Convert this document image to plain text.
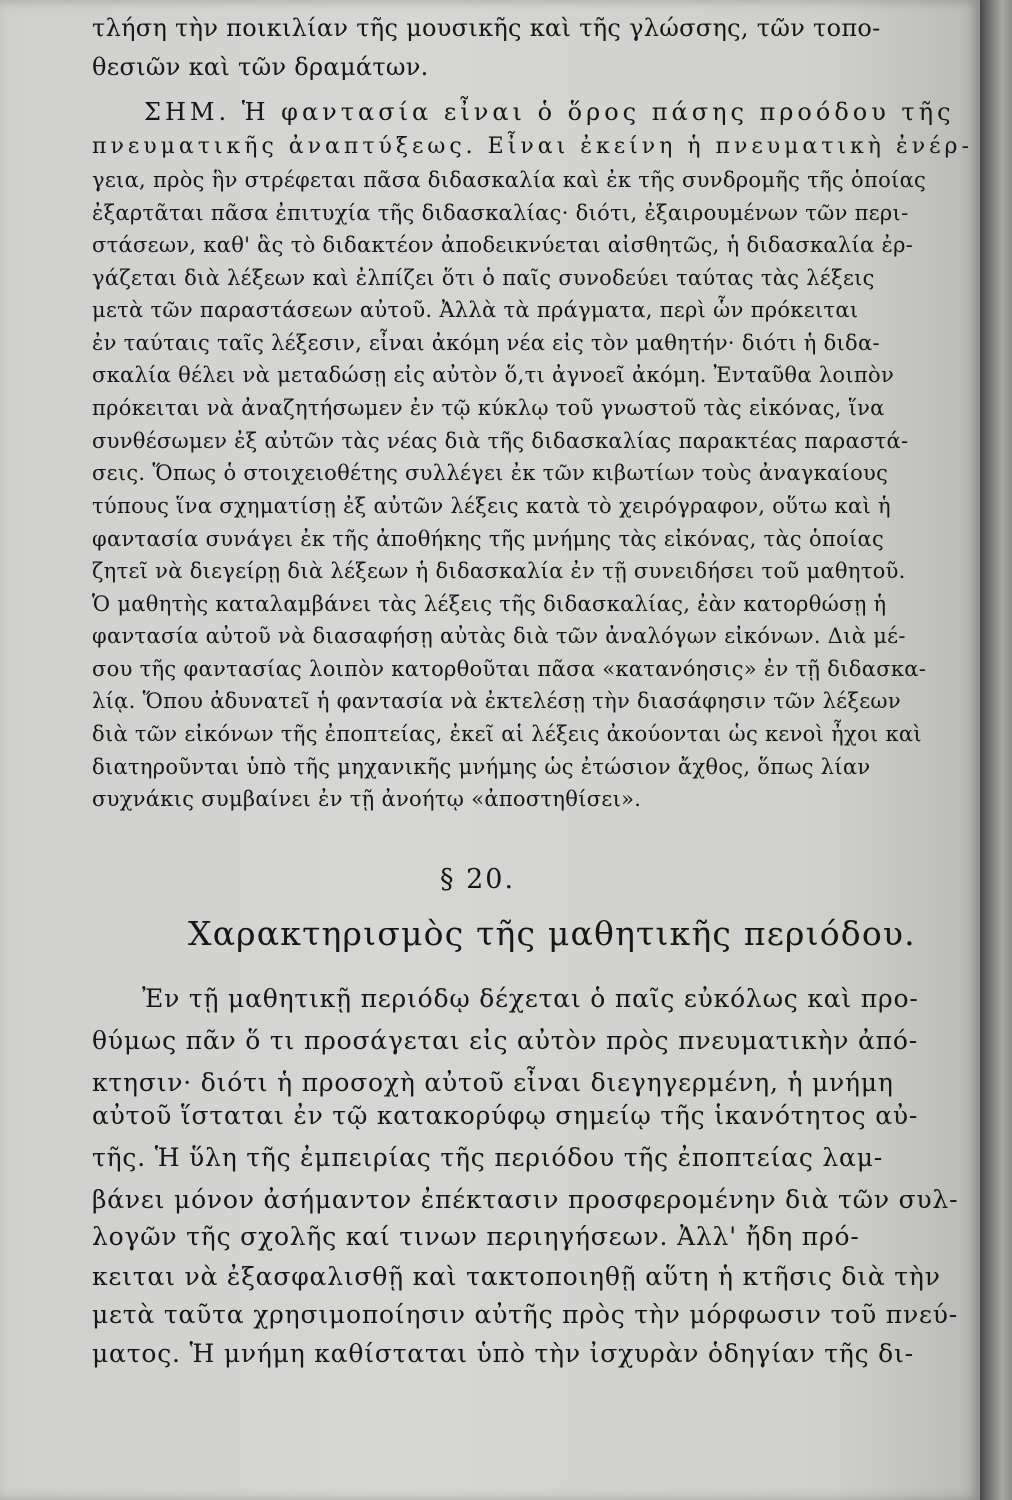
τλήση τὴν ποικιλίαν τῆς μουσικῆς καὶ τῆς γλώσσης, τῶν τοπο-
θεσιῶν καὶ τῶν δραμάτων.
ΣΗΜ. Ἡ φαντασία εἶναι ὁ ὅρος πάσης προόδου τῆς
πνευματικῆς ἀναπτύξεως. Εἶναι ἐκείνη ἡ πνευματικὴ ἐνέρ-
γεια, πρὸς ἣν στρέφεται πᾶσα διδασκαλία καὶ ἐκ τῆς συνδρομῆς τῆς ὁποίας
ἐξαρτᾶται πᾶσα ἐπιτυχία τῆς διδασκαλίας· διότι, ἐξαιρουμένων τῶν περι-
στάσεων, καθ' ἃς τὸ διδακτέον ἀποδεικνύεται αἰσθητῶς, ἡ διδασκαλία ἐρ-
γάζεται διὰ λέξεων καὶ ἐλπίζει ὅτι ὁ παῖς συνοδεύει ταύτας τὰς λέξεις
μετὰ τῶν παραστάσεων αὐτοῦ. Ἀλλὰ τὰ πράγματα, περὶ ὧν πρόκειται
ἐν ταύταις ταῖς λέξεσιν, εἶναι ἀκόμη νέα εἰς τὸν μαθητήν· διότι ἡ διδα-
σκαλία θέλει νὰ μεταδώσῃ εἰς αὐτὸν ὅ,τι ἀγνοεῖ ἀκόμη. Ἐνταῦθα λοιπὸν
πρόκειται νὰ ἀναζητήσωμεν ἐν τῷ κύκλῳ τοῦ γνωστοῦ τὰς εἰκόνας, ἵνα
συνθέσωμεν ἐξ αὐτῶν τὰς νέας διὰ τῆς διδασκαλίας παρακτέας παραστά-
σεις. Ὅπως ὁ στοιχειοθέτης συλλέγει ἐκ τῶν κιβωτίων τοὺς ἀναγκαίους
τύπους ἵνα σχηματίσῃ ἐξ αὐτῶν λέξεις κατὰ τὸ χειρόγραφον, οὕτω καὶ ἡ
φαντασία συνάγει ἐκ τῆς ἀποθήκης τῆς μνήμης τὰς εἰκόνας, τὰς ὁποίας
ζητεῖ νὰ διεγείρῃ διὰ λέξεων ἡ διδασκαλία ἐν τῇ συνειδήσει τοῦ μαθητοῦ.
Ὁ μαθητὴς καταλαμβάνει τὰς λέξεις τῆς διδασκαλίας, ἐὰν κατορθώσῃ ἡ
φαντασία αὐτοῦ νὰ διασαφήσῃ αὐτὰς διὰ τῶν ἀναλόγων εἰκόνων. Διὰ μέ-
σου τῆς φαντασίας λοιπὸν κατορθοῦται πᾶσα «κατανόησις» ἐν τῇ διδασκα-
λίᾳ. Ὅπου ἀδυνατεῖ ἡ φαντασία νὰ ἐκτελέσῃ τὴν διασάφησιν τῶν λέξεων
διὰ τῶν εἰκόνων τῆς ἐποπτείας, ἐκεῖ αἱ λέξεις ἀκούονται ὡς κενοὶ ἦχοι καὶ
διατηροῦνται ὑπὸ τῆς μηχανικῆς μνήμης ὡς ἐτώσιον ἄχθος, ὅπως λίαν
συχνάκις συμβαίνει ἐν τῇ ἀνοήτῳ «ἀποστηθίσει».
§ 20.
Χαρακτηρισμὸς τῆς μαθητικῆς περιόδου.
Ἐν τῇ μαθητικῇ περιόδῳ δέχεται ὁ παῖς εὐκόλως καὶ προ-
θύμως πᾶν ὅ τι προσάγεται εἰς αὐτὸν πρὸς πνευματικὴν ἀπό-
κτησιν· διότι ἡ προσοχὴ αὐτοῦ εἶναι διεγηγερμένη, ἡ μνήμη
αὐτοῦ ἵσταται ἐν τῷ κατακορύφῳ σημείῳ τῆς ἱκανότητος αὐ-
τῆς. Ἡ ὕλη τῆς ἐμπειρίας τῆς περιόδου τῆς ἐποπτείας λαμ-
βάνει μόνον ἀσήμαντον ἐπέκτασιν προσφερομένην διὰ τῶν συλ-
λογῶν τῆς σχολῆς καί τινων περιηγήσεων. Ἀλλ' ἤδη πρό-
κειται νὰ ἐξασφαλισθῇ καὶ τακτοποιηθῇ αὕτη ἡ κτῆσις διὰ τὴν
μετὰ ταῦτα χρησιμοποίησιν αὐτῆς πρὸς τὴν μόρφωσιν τοῦ πνεύ-
ματος. Ἡ μνήμη καθίσταται ὑπὸ τὴν ἰσχυρὰν ὁδηγίαν τῆς δι-
